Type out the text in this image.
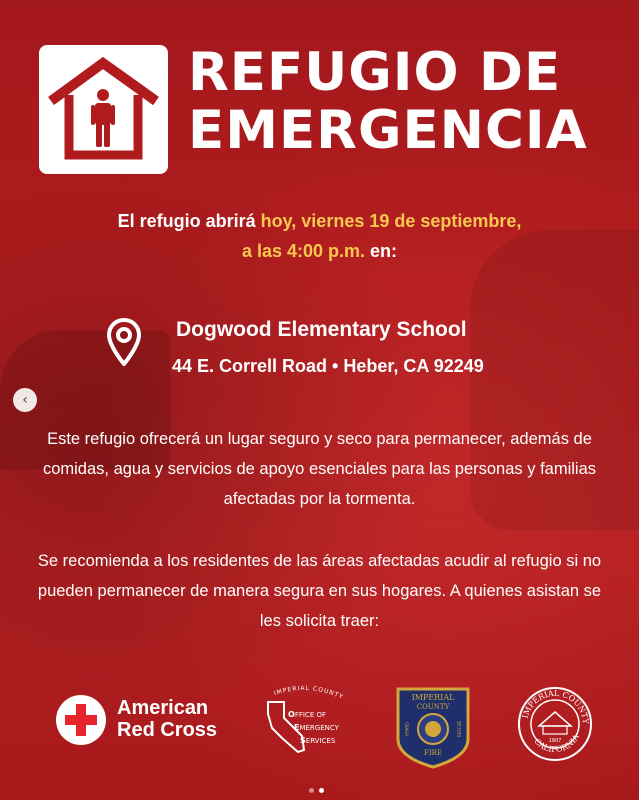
REFUGIO DE
EMERGENCIA
El refugio abrirá hoy, viernes 19 de septiembre,
a las 4:00 p.m. en:
Dogwood Elementary School
44 E. Correll Road • Heber, CA 92249
‹
Este refugio ofrecerá un lugar seguro y seco para permanecer, además de comidas, agua y servicios de apoyo esenciales para las personas y familias afectadas por la tormenta.
Se recomienda a los residentes de las áreas afectadas acudir al refugio si no pueden permanecer de manera segura en sus hogares. A quienes asistan se les solicita traer:
American
Red Cross
IMPERIAL COUNTY
OFFICE OF
EMERGENCY
SERVICES
IMPERIAL
COUNTY
CRASH	RESCUE
FIRE
IMPERIAL COUNTY
CALIFORNIA
1907
